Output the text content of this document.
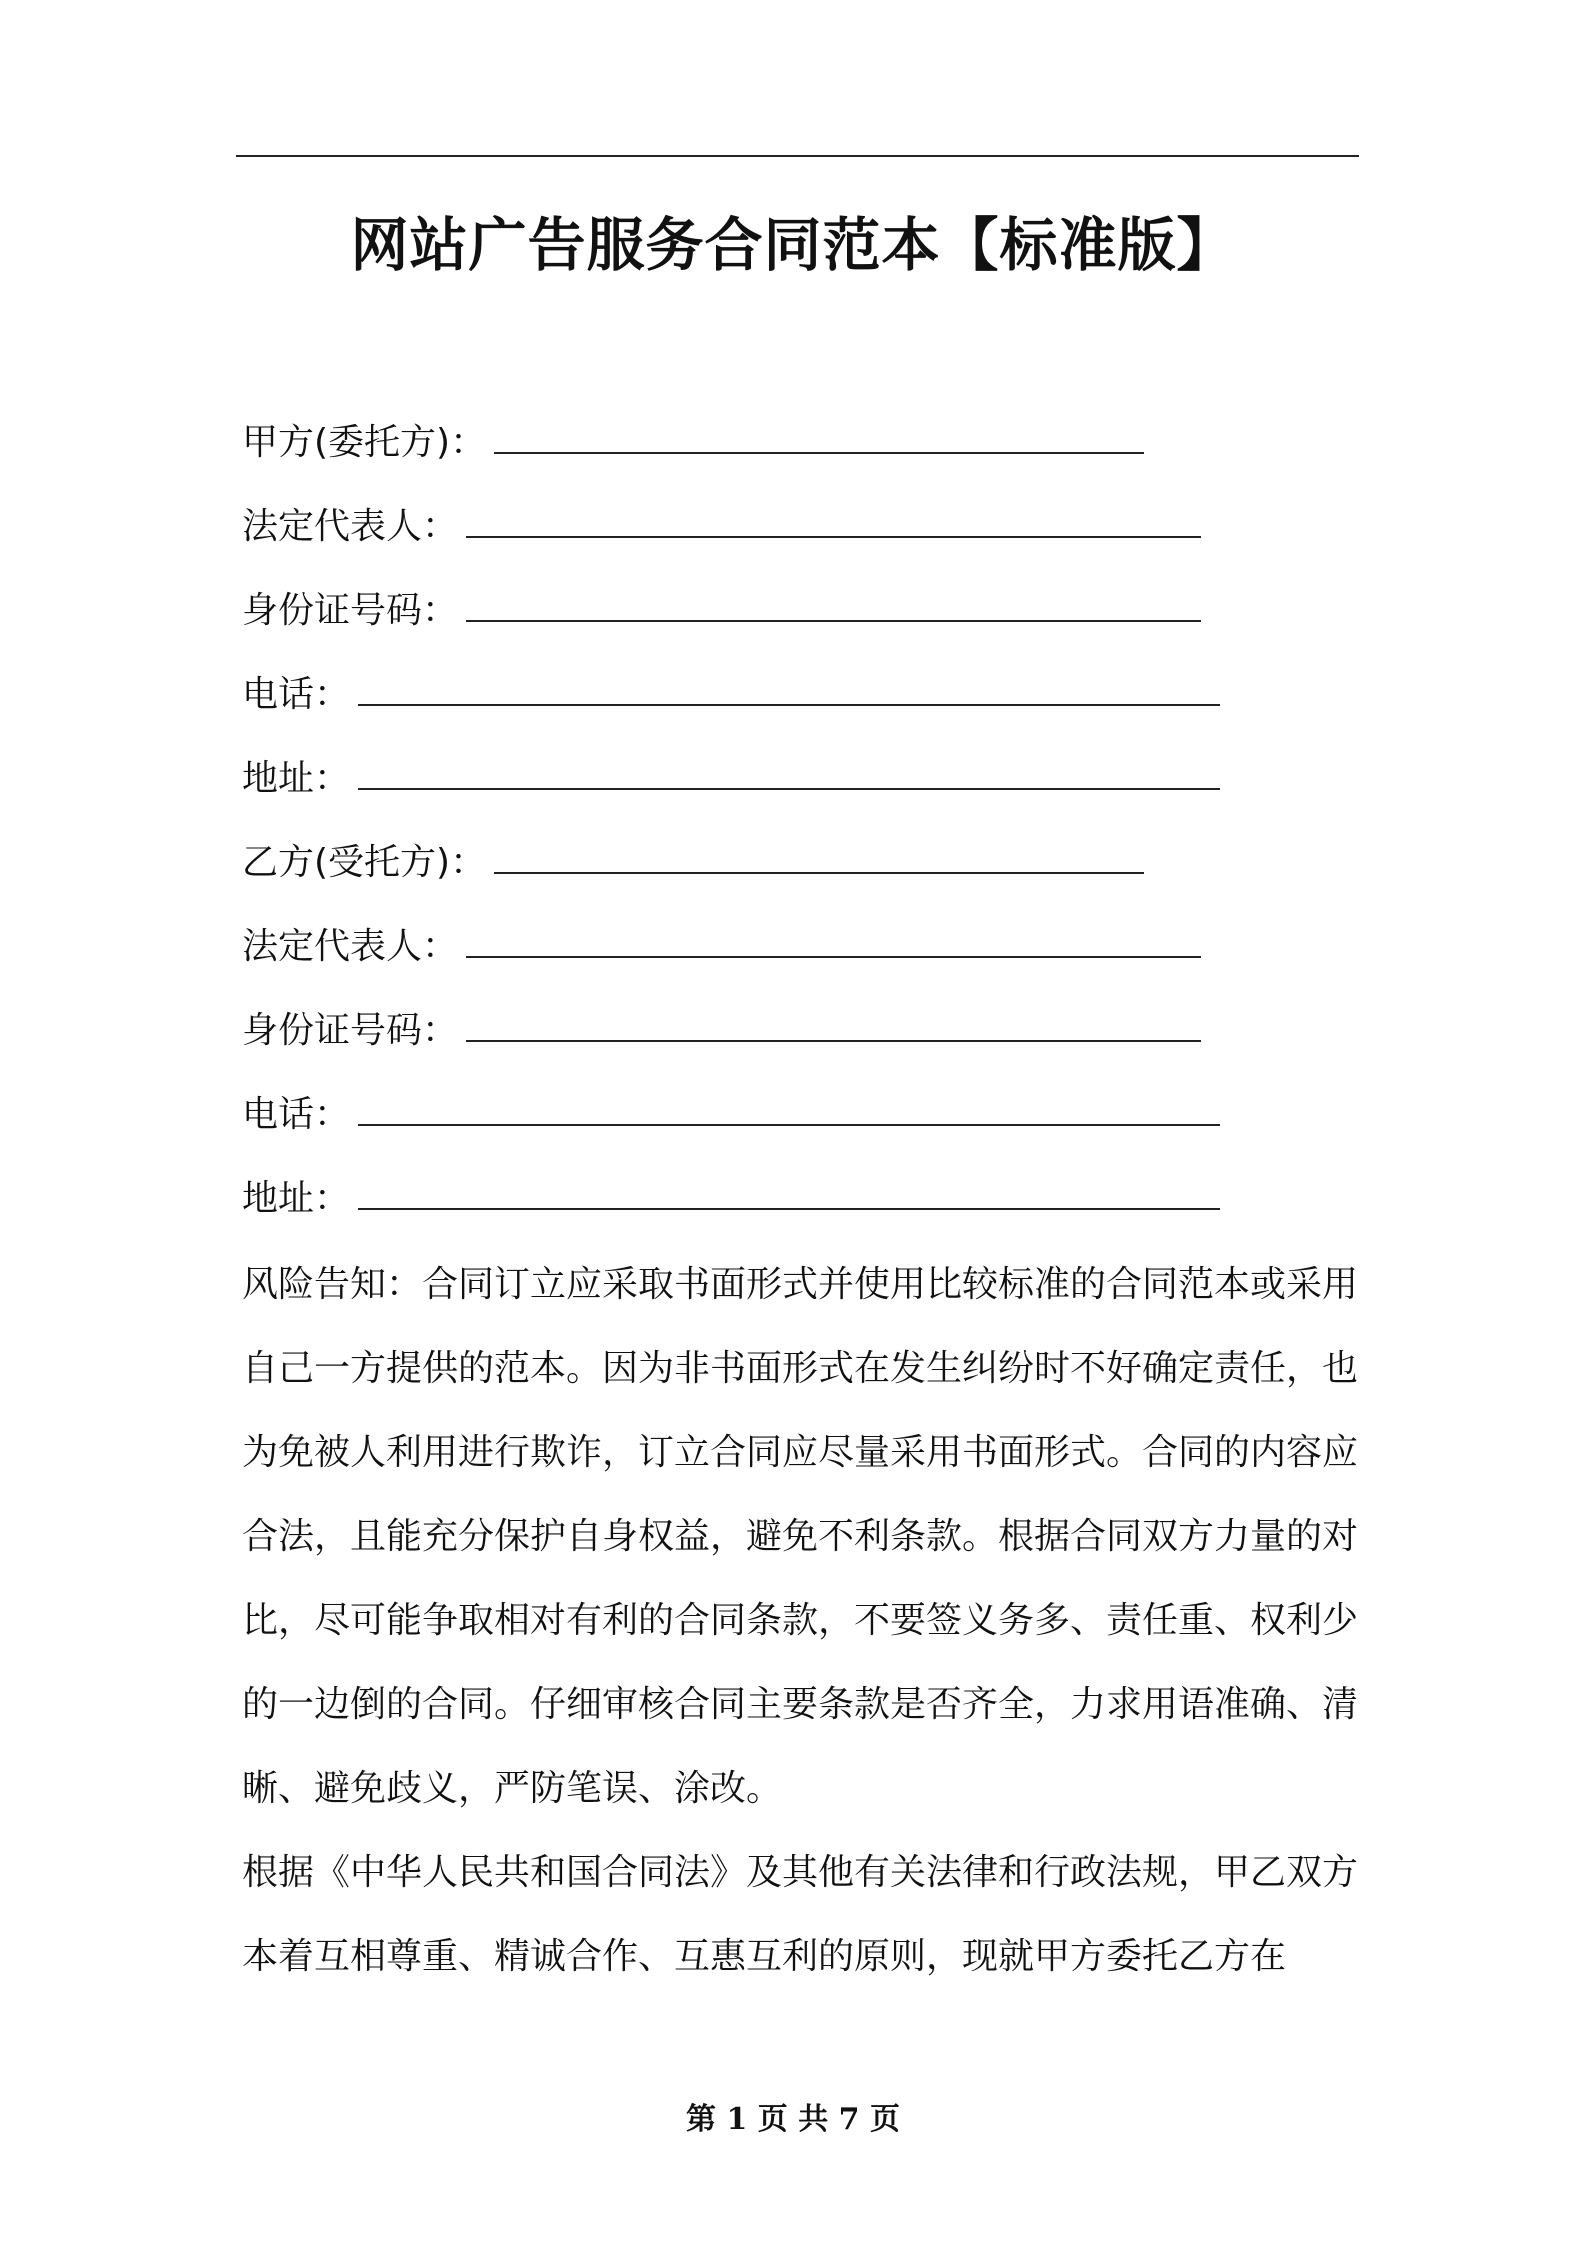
网站广告服务合同范本【标准版】
甲方(委托方)：
法定代表人：
身份证号码：
电话：
地址：
乙方(受托方)：
法定代表人：
身份证号码：
电话：
地址：

风险告知：合同订立应采取书面形式并使用比较标准的合同范本或采用自己一方提供的范本。因为非书面形式在发生纠纷时不好确定责任，也为免被人利用进行欺诈，订立合同应尽量采用书面形式。合同的内容应合法，且能充分保护自身权益，避免不利条款。根据合同双方力量的对比，尽可能争取相对有利的合同条款，不要签义务多、责任重、权利少的一边倒的合同。仔细审核合同主要条款是否齐全，力求用语准确、清晰、避免歧义，严防笔误、涂改。

根据《中华人民共和国合同法》及其他有关法律和行政法规，甲乙双方本着互相尊重、精诚合作、互惠互利的原则，现就甲方委托乙方在

第 1 页 共 7 页
